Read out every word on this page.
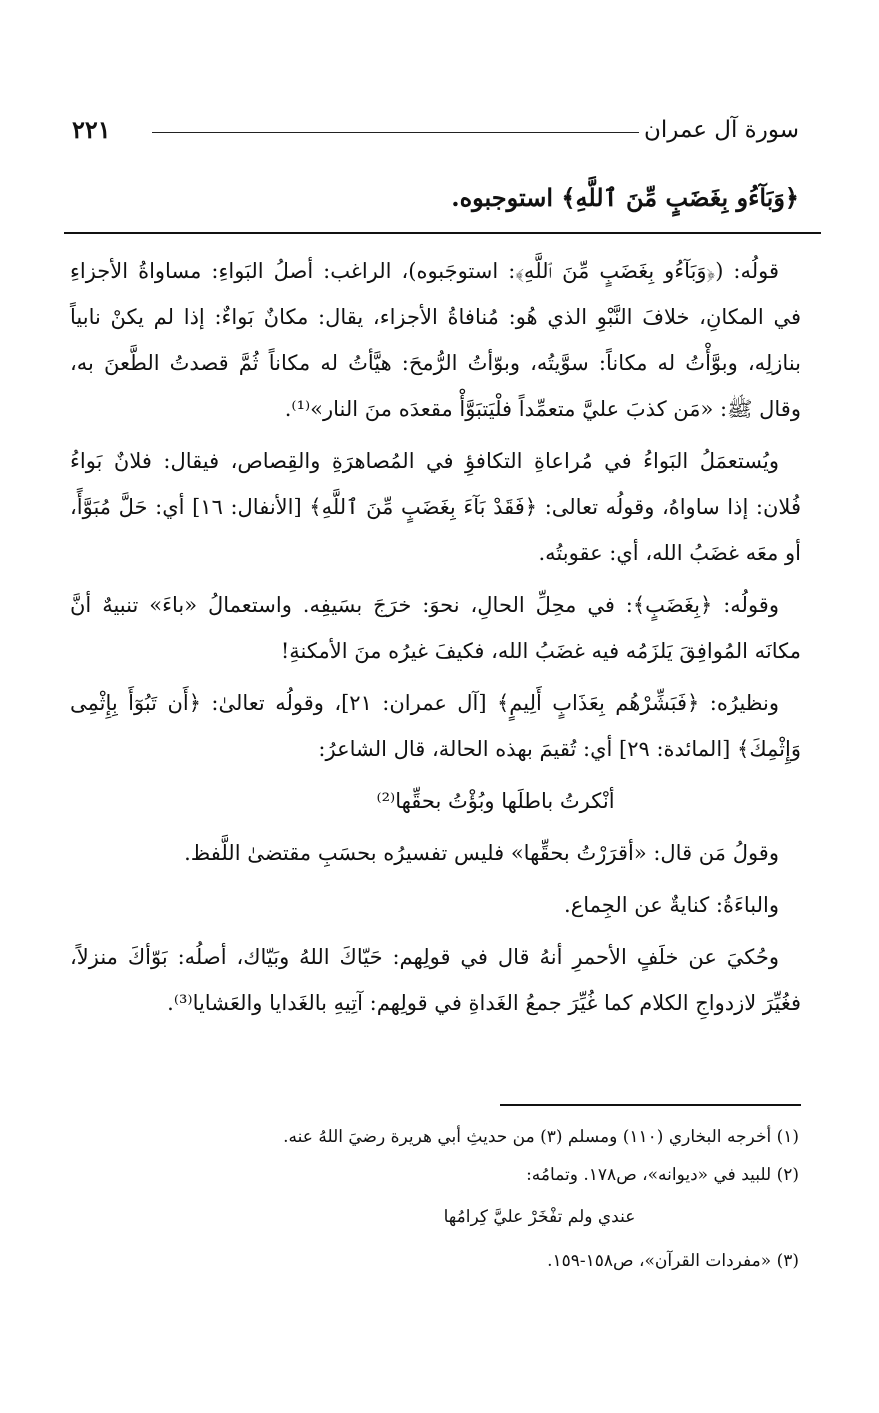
سورة آل عمران
٢٢١
﴿وَبَآءُو بِغَضَبٍ مِّنَ ٱللَّهِ﴾ استوجبوه.

قولُه: (﴿وَبَآءُو بِغَضَبٍ مِّنَ ٱللَّهِ﴾: استوجَبوه)، الراغب: أصلُ البَواءِ: مساواةُ الأجزاءِ في المكانِ، خلافَ النَّبْوِ الذي هُو: مُنافاةُ الأجزاء، يقال: مكانٌ بَواءٌ: إذا لم يكنْ نابياً بنازلِه، وبوَّأْتُ له مكاناً: سوَّيتُه، وبوّأتُ الرُّمحَ: هيَّأتُ له مكاناً ثُمَّ قصدتُ الطَّعنَ به، وقال ﷺ: «مَن كذبَ عليَّ متعمِّداً فلْيَتبَوَّأْ مقعدَه منَ النار»⁽¹⁾.

ويُستعمَلُ البَواءُ في مُراعاةِ التكافؤِ في المُصاهرَةِ والقِصاص، فيقال: فلانٌ بَواءُ فُلان: إذا ساواهُ، وقولُه تعالى: ﴿فَقَدْ بَآءَ بِغَضَبٍ مِّنَ ٱللَّهِ﴾ [الأنفال: ١٦] أي: حَلَّ مُبَوَّأً، أو معَه غضَبُ الله، أي: عقوبتُه.

وقولُه: ﴿بِغَضَبٍ﴾: في محِلِّ الحالِ، نحوَ: خرَجَ بسَيفِه. واستعمالُ «باءَ» تنبيهٌ أنَّ مكانَه المُوافِقَ يَلزَمُه فيه غضَبُ الله، فكيفَ غيرُه منَ الأمكنةِ!

ونظيرُه: ﴿فَبَشِّرْهُم بِعَذَابٍ أَلِيمٍ﴾ [آل عمران: ٢١]، وقولُه تعالىٰ: ﴿أَن تَبُوٓأَ بِإِثْمِى وَإِثْمِكَ﴾ [المائدة: ٢٩] أي: تُقيمَ بهذه الحالة، قال الشاعرُ:

أنْكرتُ باطلَها وبُؤْتُ بحقِّها⁽²⁾

وقولُ مَن قال: «أقرَرْتُ بحقِّها» فليس تفسيرُه بحسَبِ مقتضىٰ اللَّفظ.

والباءَةُ: كنايةٌ عن الجِماع.

وحُكيَ عن خلَفٍ الأحمرِ أنهُ قال في قولِهم: حَيّاكَ اللهُ وبَيّاك، أصلُه: بَوّأكَ منزلاً، فغُيِّرَ لازدواجِ الكلام كما غُيِّرَ جمعُ الغَداةِ في قولِهم: آتِيهِ بالغَدايا والعَشايا⁽³⁾.

(١) أخرجه البخاري (١١٠) ومسلم (٣) من حديثِ أبي هريرة رضيَ اللهُ عنه.
(٢) للبيد في «ديوانه»، ص١٧٨. وتمامُه:
عندي ولم تفْخَرْ عليَّ كِرامُها
(٣) «مفردات القرآن»، ص١٥٨-١٥٩.
